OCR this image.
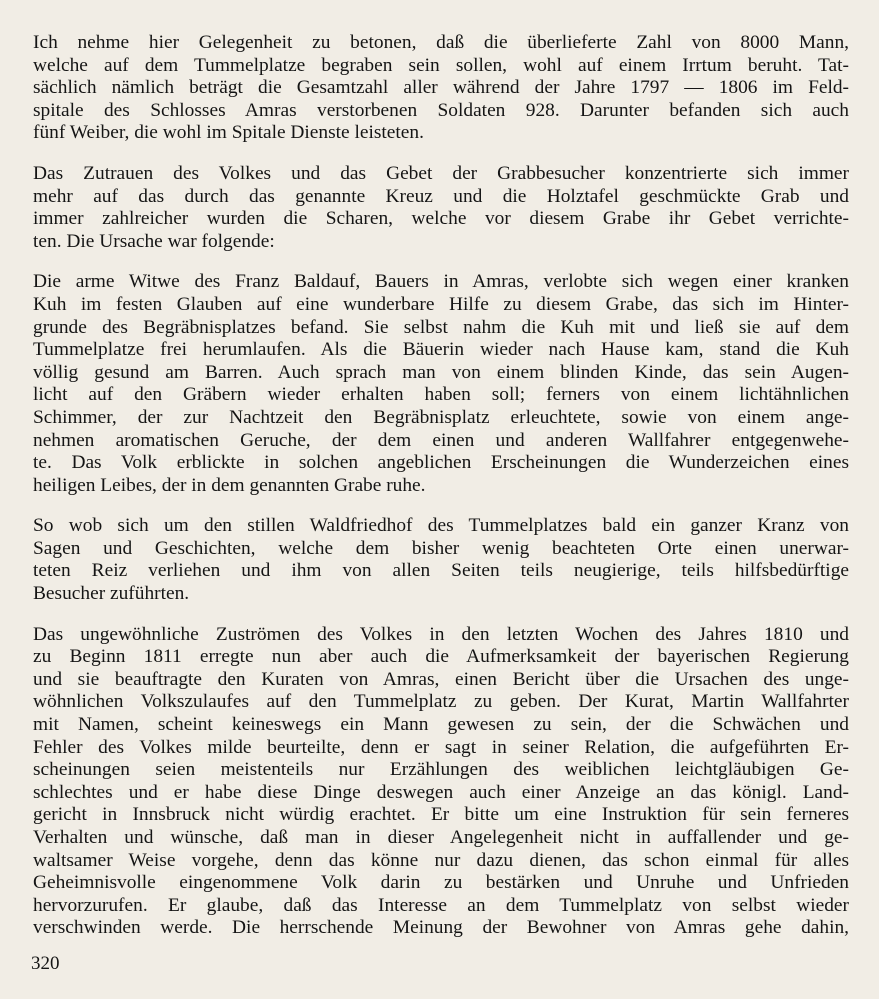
Ich nehme hier Gelegenheit zu betonen, daß die überlieferte Zahl von 8000 Mann,
welche auf dem Tummelplatze begraben sein sollen, wohl auf einem Irrtum beruht. Tat-
sächlich nämlich beträgt die Gesamtzahl aller während der Jahre 1797 — 1806 im Feld-
spitale des Schlosses Amras verstorbenen Soldaten 928. Darunter befanden sich auch
fünf Weiber, die wohl im Spitale Dienste leisteten.

Das Zutrauen des Volkes und das Gebet der Grabbesucher konzentrierte sich immer
mehr auf das durch das genannte Kreuz und die Holztafel geschmückte Grab und
immer zahlreicher wurden die Scharen, welche vor diesem Grabe ihr Gebet verrichte-
ten. Die Ursache war folgende:

Die arme Witwe des Franz Baldauf, Bauers in Amras, verlobte sich wegen einer kranken
Kuh im festen Glauben auf eine wunderbare Hilfe zu diesem Grabe, das sich im Hinter-
grunde des Begräbnisplatzes befand. Sie selbst nahm die Kuh mit und ließ sie auf dem
Tummelplatze frei herumlaufen. Als die Bäuerin wieder nach Hause kam, stand die Kuh
völlig gesund am Barren. Auch sprach man von einem blinden Kinde, das sein Augen-
licht auf den Gräbern wieder erhalten haben soll; ferners von einem lichtähnlichen
Schimmer, der zur Nachtzeit den Begräbnisplatz erleuchtete, sowie von einem ange-
nehmen aromatischen Geruche, der dem einen und anderen Wallfahrer entgegenwehe-
te. Das Volk erblickte in solchen angeblichen Erscheinungen die Wunderzeichen eines
heiligen Leibes, der in dem genannten Grabe ruhe.

So wob sich um den stillen Waldfriedhof des Tummelplatzes bald ein ganzer Kranz von
Sagen und Geschichten, welche dem bisher wenig beachteten Orte einen unerwar-
teten Reiz verliehen und ihm von allen Seiten teils neugierige, teils hilfsbedürftige
Besucher zuführten.

Das ungewöhnliche Zuströmen des Volkes in den letzten Wochen des Jahres 1810 und
zu Beginn 1811 erregte nun aber auch die Aufmerksamkeit der bayerischen Regierung
und sie beauftragte den Kuraten von Amras, einen Bericht über die Ursachen des unge-
wöhnlichen Volkszulaufes auf den Tummelplatz zu geben. Der Kurat, Martin Wallfahrter
mit Namen, scheint keineswegs ein Mann gewesen zu sein, der die Schwächen und
Fehler des Volkes milde beurteilte, denn er sagt in seiner Relation, die aufgeführten Er-
scheinungen seien meistenteils nur Erzählungen des weiblichen leichtgläubigen Ge-
schlechtes und er habe diese Dinge deswegen auch einer Anzeige an das königl. Land-
gericht in Innsbruck nicht würdig erachtet. Er bitte um eine Instruktion für sein ferneres
Verhalten und wünsche, daß man in dieser Angelegenheit nicht in auffallender und ge-
waltsamer Weise vorgehe, denn das könne nur dazu dienen, das schon einmal für alles
Geheimnisvolle eingenommene Volk darin zu bestärken und Unruhe und Unfrieden
hervorzurufen. Er glaube, daß das Interesse an dem Tummelplatz von selbst wieder
verschwinden werde. Die herrschende Meinung der Bewohner von Amras gehe dahin,

320
